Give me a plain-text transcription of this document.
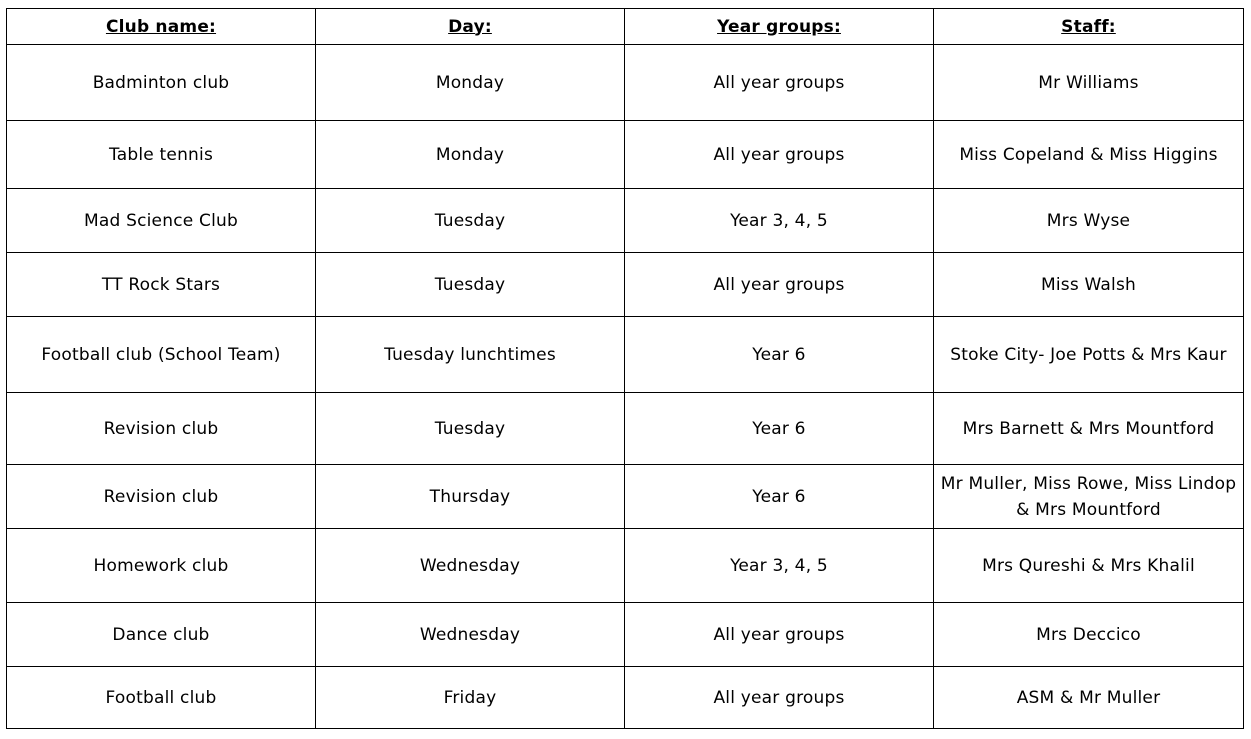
Club name:	Day:	Year groups:	Staff:
Badminton club	Monday	All year groups	Mr Williams
Table tennis	Monday	All year groups	Miss Copeland & Miss Higgins
Mad Science Club	Tuesday	Year 3, 4, 5	Mrs Wyse
TT Rock Stars	Tuesday	All year groups	Miss Walsh
Football club (School Team)	Tuesday lunchtimes	Year 6	Stoke City- Joe Potts & Mrs Kaur
Revision club	Tuesday	Year 6	Mrs Barnett & Mrs Mountford
Revision club	Thursday	Year 6	Mr Muller, Miss Rowe, Miss Lindop & Mrs Mountford
Homework club	Wednesday	Year 3, 4, 5	Mrs Qureshi & Mrs Khalil
Dance club	Wednesday	All year groups	Mrs Deccico
Football club	Friday	All year groups	ASM & Mr Muller
